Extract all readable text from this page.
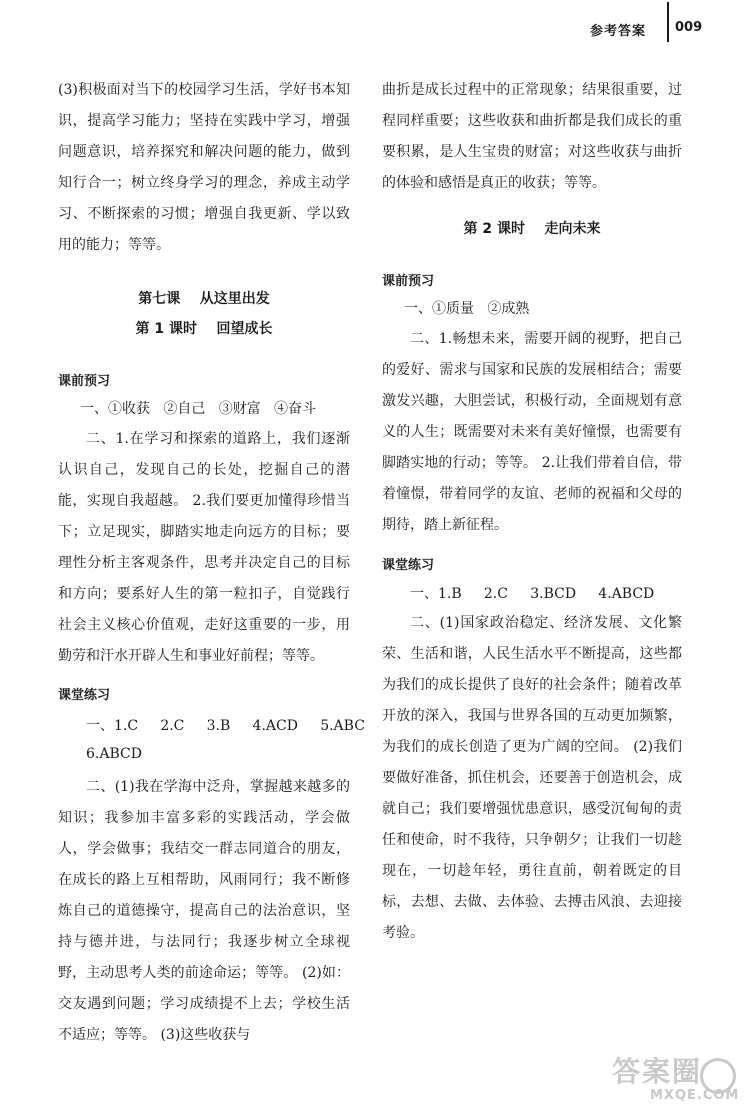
参考答案 009

(3)积极面对当下的校园学习生活，学好书本知识，提高学习能力；坚持在实践中学习，增强问题意识，培养探究和解决问题的能力，做到知行合一；树立终身学习的理念，养成主动学习、不断探索的习惯；增强自我更新、学以致用的能力；等等。

第七课    从这里出发
第 1 课时    回望成长
课前预习
一、①收获   ②自己   ③财富   ④奋斗

二、1.在学习和探索的道路上，我们逐渐认识自己，发现自己的长处，挖掘自己的潜能，实现自我超越。 2.我们要更加懂得珍惜当下；立足现实，脚踏实地走向远方的目标；要理性分析主客观条件，思考并决定自己的目标和方向；要系好人生的第一粒扣子，自觉践行社会主义核心价值观，走好这重要的一步，用勤劳和汗水开辟人生和事业好前程；等等。

课堂练习
一、1.C     2.C     3.B     4.ACD     5.ABC
6.ABCD

二、(1)我在学海中泛舟，掌握越来越多的知识；我参加丰富多彩的实践活动，学会做人，学会做事；我结交一群志同道合的朋友，在成长的路上互相帮助，风雨同行；我不断修炼自己的道德操守，提高自己的法治意识，坚持与德并进，与法同行；我逐步树立全球视野，主动思考人类的前途命运；等等。 (2)如：交友遇到问题；学习成绩提不上去；学校生活不适应；等等。 (3)这些收获与

曲折是成长过程中的正常现象；结果很重要，过程同样重要；这些收获和曲折都是我们成长的重要积累，是人生宝贵的财富；对这些收获与曲折的体验和感悟是真正的收获；等等。

第 2 课时    走向未来
课前预习
一、①质量   ②成熟

二、1.畅想未来，需要开阔的视野，把自己的爱好、需求与国家和民族的发展相结合；需要激发兴趣，大胆尝试，积极行动，全面规划有意义的人生；既需要对未来有美好憧憬，也需要有脚踏实地的行动；等等。 2.让我们带着自信，带着憧憬，带着同学的友谊、老师的祝福和父母的期待，踏上新征程。

课堂练习
一、1.B     2.C     3.BCD     4.ABCD

二、(1)国家政治稳定、经济发展、文化繁荣、生活和谐，人民生活水平不断提高，这些都为我们的成长提供了良好的社会条件；随着改革开放的深入，我国与世界各国的互动更加频繁，为我们的成长创造了更为广阔的空间。 (2)我们要做好准备，抓住机会，还要善于创造机会，成就自己；我们要增强忧患意识，感受沉甸甸的责任和使命，时不我待，只争朝夕；让我们一切趁现在，一切趁年轻，勇往直前，朝着既定的目标，去想、去做、去体验、去搏击风浪、去迎接考验。

答案圈
MXQE.COM
